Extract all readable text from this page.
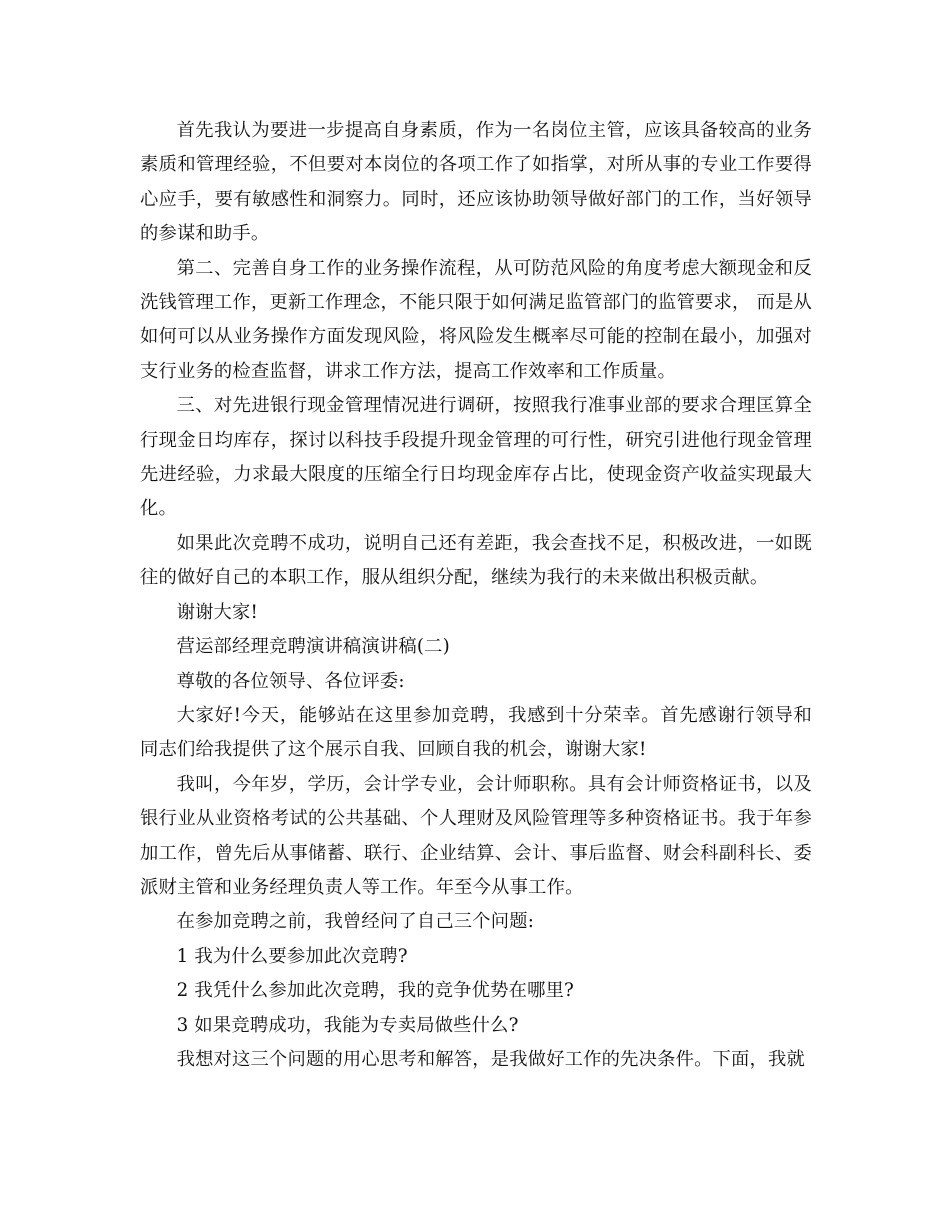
首先我认为要进一步提高自身素质，作为一名岗位主管，应该具备较高的业务素质和管理经验，不但要对本岗位的各项工作了如指掌，对所从事的专业工作要得心应手，要有敏感性和洞察力。同时，还应该协助领导做好部门的工作，当好领导的参谋和助手。

第二、完善自身工作的业务操作流程，从可防范风险的角度考虑大额现金和反洗钱管理工作，更新工作理念，不能只限于如何满足监管部门的监管要求， 而是从如何可以从业务操作方面发现风险，将风险发生概率尽可能的控制在最小，加强对支行业务的检查监督，讲求工作方法，提高工作效率和工作质量。

三、对先进银行现金管理情况进行调研，按照我行准事业部的要求合理匡算全行现金日均库存，探讨以科技手段提升现金管理的可行性，研究引进他行现金管理先进经验，力求最大限度的压缩全行日均现金库存占比，使现金资产收益实现最大化。

如果此次竞聘不成功，说明自己还有差距，我会查找不足，积极改进，一如既往的做好自己的本职工作，服从组织分配，继续为我行的未来做出积极贡献。

谢谢大家!

营运部经理竞聘演讲稿演讲稿(二)

尊敬的各位领导、各位评委:

大家好!今天，能够站在这里参加竞聘，我感到十分荣幸。首先感谢行领导和同志们给我提供了这个展示自我、回顾自我的机会，谢谢大家!

我叫，今年岁，学历，会计学专业，会计师职称。具有会计师资格证书，以及银行业从业资格考试的公共基础、个人理财及风险管理等多种资格证书。我于年参加工作，曾先后从事储蓄、联行、企业结算、会计、事后监督、财会科副科长、委派财主管和业务经理负责人等工作。年至今从事工作。

在参加竞聘之前，我曾经问了自己三个问题:

1 我为什么要参加此次竞聘?

2 我凭什么参加此次竞聘，我的竞争优势在哪里?

3 如果竞聘成功，我能为专卖局做些什么?

我想对这三个问题的用心思考和解答，是我做好工作的先决条件。下面，我就
